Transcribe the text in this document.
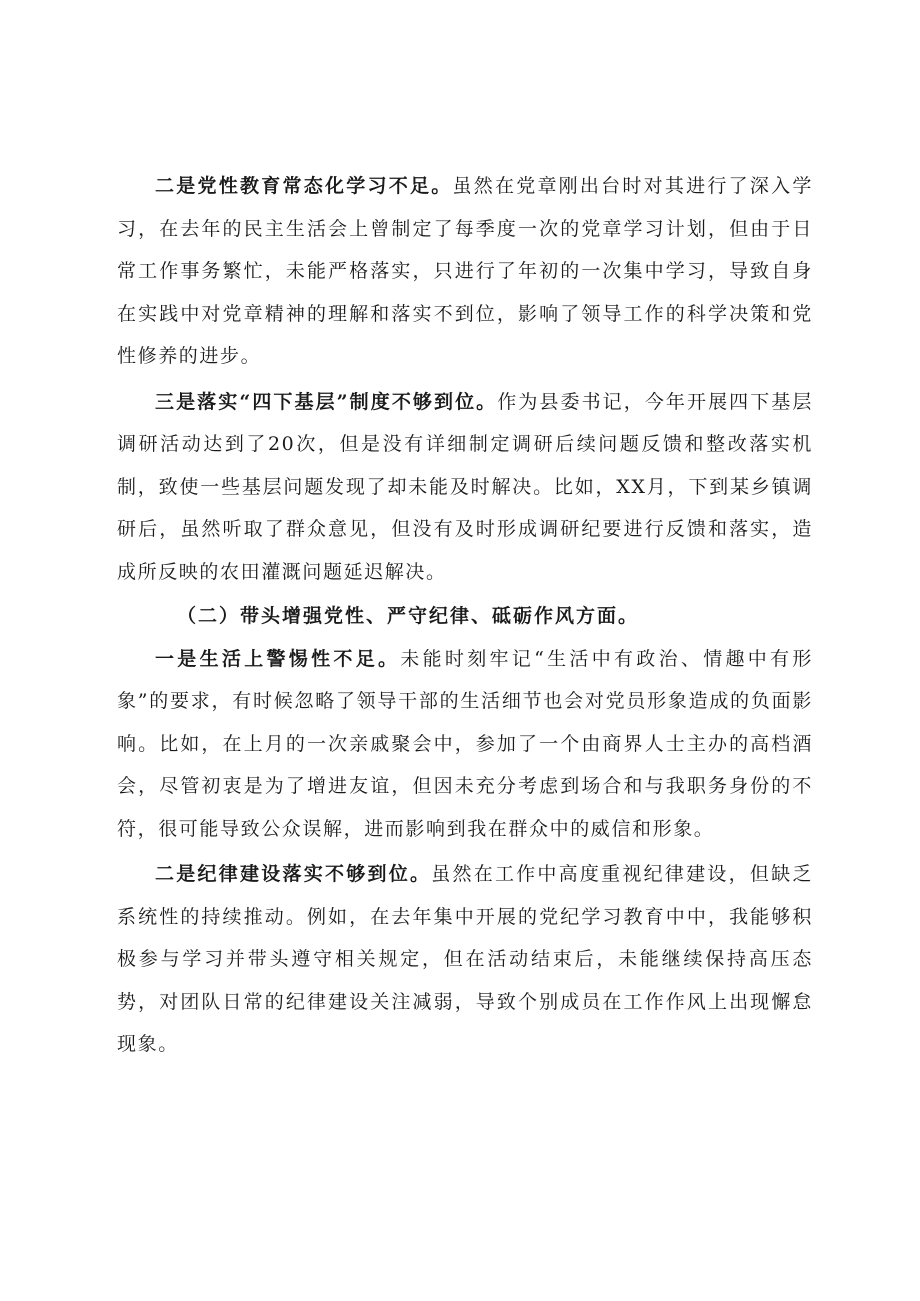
二是党性教育常态化学习不足。虽然在党章刚出台时对其进行了深入学习，在去年的民主生活会上曾制定了每季度一次的党章学习计划，但由于日常工作事务繁忙，未能严格落实，只进行了年初的一次集中学习，导致自身在实践中对党章精神的理解和落实不到位，影响了领导工作的科学决策和党性修养的进步。

三是落实“四下基层”制度不够到位。作为县委书记，今年开展四下基层调研活动达到了20次，但是没有详细制定调研后续问题反馈和整改落实机制，致使一些基层问题发现了却未能及时解决。比如，XX月，下到某乡镇调研后，虽然听取了群众意见，但没有及时形成调研纪要进行反馈和落实，造成所反映的农田灌溉问题延迟解决。

（二）带头增强党性、严守纪律、砥砺作风方面。

一是生活上警惕性不足。未能时刻牢记“生活中有政治、情趣中有形象”的要求，有时候忽略了领导干部的生活细节也会对党员形象造成的负面影响。比如，在上月的一次亲戚聚会中，参加了一个由商界人士主办的高档酒会，尽管初衷是为了增进友谊，但因未充分考虑到场合和与我职务身份的不符，很可能导致公众误解，进而影响到我在群众中的威信和形象。

二是纪律建设落实不够到位。虽然在工作中高度重视纪律建设，但缺乏系统性的持续推动。例如，在去年集中开展的党纪学习教育中中，我能够积极参与学习并带头遵守相关规定，但在活动结束后，未能继续保持高压态势，对团队日常的纪律建设关注减弱，导致个别成员在工作作风上出现懈怠现象。
